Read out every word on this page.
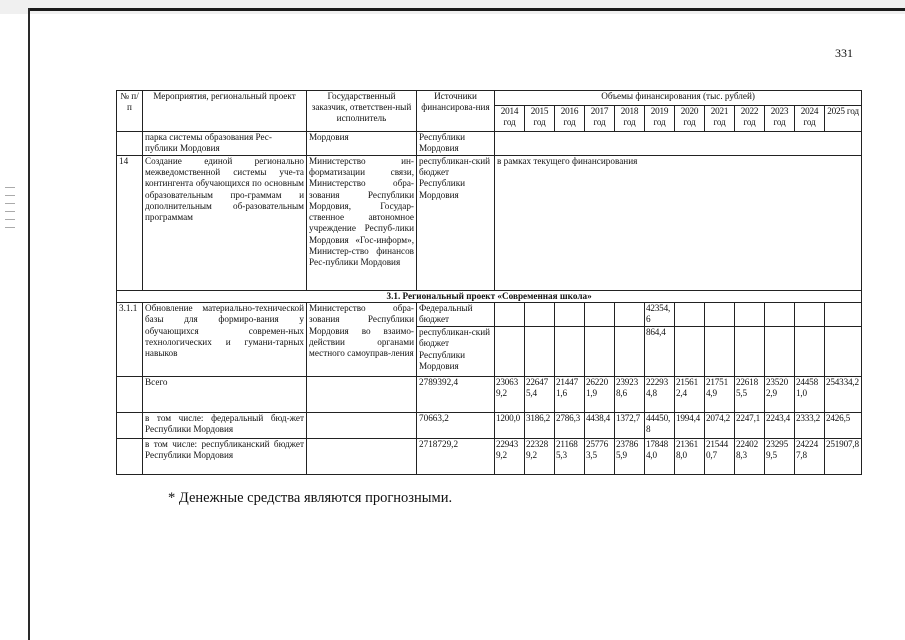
331
№ п/п	Мероприятия, региональный проект	Государственный заказчик, ответствен-ный исполнитель	Источники финансирова-ния	Объемы финансирования (тыс. рублей)											
				2014 год	2015 год	2016 год	2017 год	2018 год	2019 год	2020 год	2021 год	2022 год	2023 год	2024 год	2025 год
	парка системы образования Рес-публики Мордовия	Мордовия	Республики Мордовия												
14	Создание единой регионально межведомственной системы уче-та контингента обучающихся по основным образовательным про-граммам и дополнительным об-разовательным программам	Министерство ин-форматизации связи, Министерство обра-зования Республики Мордовия, Государ-ственное автономное учреждение Респуб-лики Мордовия «Гос-информ», Министер-ство финансов Рес-публики Мордовия	республикан-ский бюджет Республики Мордовия	в рамках текущего финансирования											
3.1. Региональный проект «Современная школа»															
3.1.1	Обновление материально-технической базы для формиро-вания у обучающихся современ-ных технологических и гумани-тарных навыков	Министерство обра-зования Республики Мордовия во взаимо-действии органами местного самоуправ-ления	Федеральный бюджет						42354,6						
			республикан-ский бюджет Республики Мордовия						864,4						
	Всего		2789392,4	230639,2	226475,4	214471,6	262201,9	239238,6	222934,8	215612,4	217514,9	226185,5	235202,9	244581,0	254334,2
	в том числе: федеральный бюд-жет Республики Мордовия		70663,2	1200,0	3186,2	2786,3	4438,4	1372,7	44450,8	1994,4	2074,2	2247,1	2243,4	2333,2	2426,5
	в том числе: республиканский бюджет Республики Мордовия		2718729,2	229439,2	223289,2	211685,3	257763,5	237865,9	178484,0	213618,0	215440,7	224028,3	232959,5	242247,8	251907,8
* Денежные средства являются прогнозными.
